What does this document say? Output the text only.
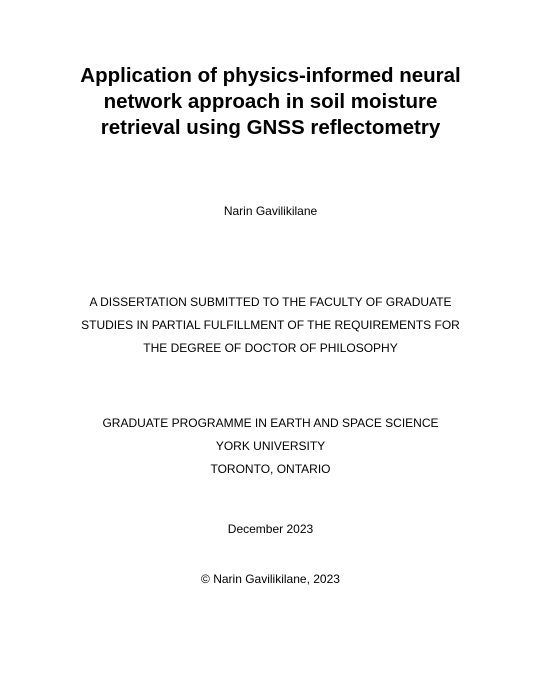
Application of physics-informed neural
network approach in soil moisture
retrieval using GNSS reflectometry
Narin Gavilikilane
A DISSERTATION SUBMITTED TO THE FACULTY OF GRADUATE
STUDIES IN PARTIAL FULFILLMENT OF THE REQUIREMENTS FOR
THE DEGREE OF DOCTOR OF PHILOSOPHY
GRADUATE PROGRAMME IN EARTH AND SPACE SCIENCE
YORK UNIVERSITY
TORONTO, ONTARIO
December 2023
© Narin Gavilikilane, 2023
